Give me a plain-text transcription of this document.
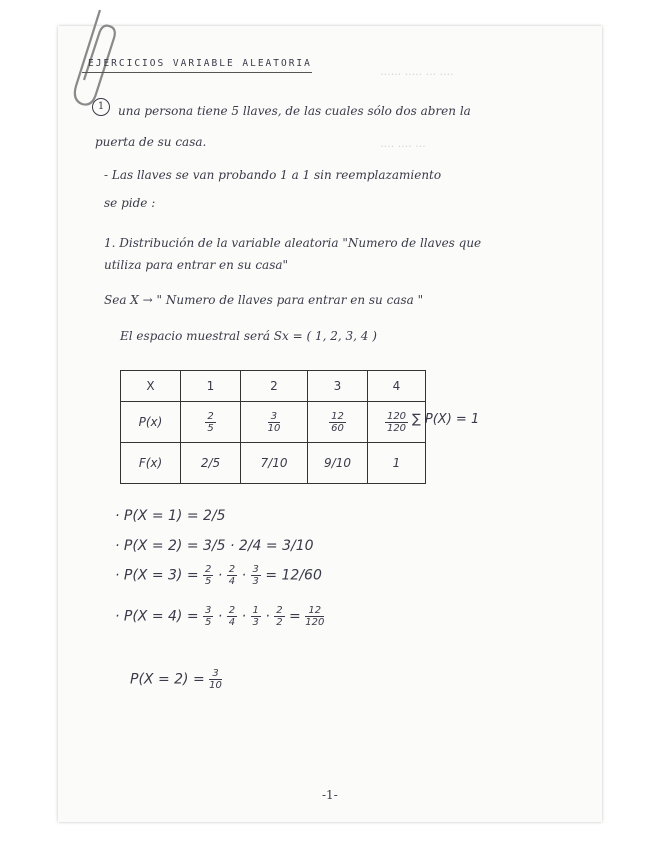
EJERCICIOS VARIABLE ALEATORIA
······ ····· ··· ····
···· ···· ···
1	una persona tiene 5 llaves, de las cuales sólo dos abren la
puerta de su casa.
- Las llaves se van probando 1 a 1 sin reemplazamiento
se pide :
1. Distribución de la variable aleatoria "Numero de llaves que
utiliza para entrar en su casa"
Sea X → " Numero de llaves para entrar en su casa "
El espacio muestral será Sx = ( 1, 2, 3, 4 )
X	1	2	3	4
P(x)	$\frac{2}{5}$	$\frac{3}{10}$	$\frac{12}{60}$	$\frac{120}{120}$

F(x)	2/5	7/10	9/10	1
∑ P(X) = 1
· P(X = 1) = 2/5
· P(X = 2) = 3/5 · 2/4 = 3/10
· $P(X = 3) = \frac{2}{5} \cdot \frac{2}{4} \cdot \frac{3}{3} = 12/60$
· $P(X = 4) = \frac{3}{5} \cdot \frac{2}{4} \cdot \frac{1}{3} \cdot \frac{2}{2} = \frac{12}{120}$
$P(X = 2) = \frac{3}{10}$
-1-
